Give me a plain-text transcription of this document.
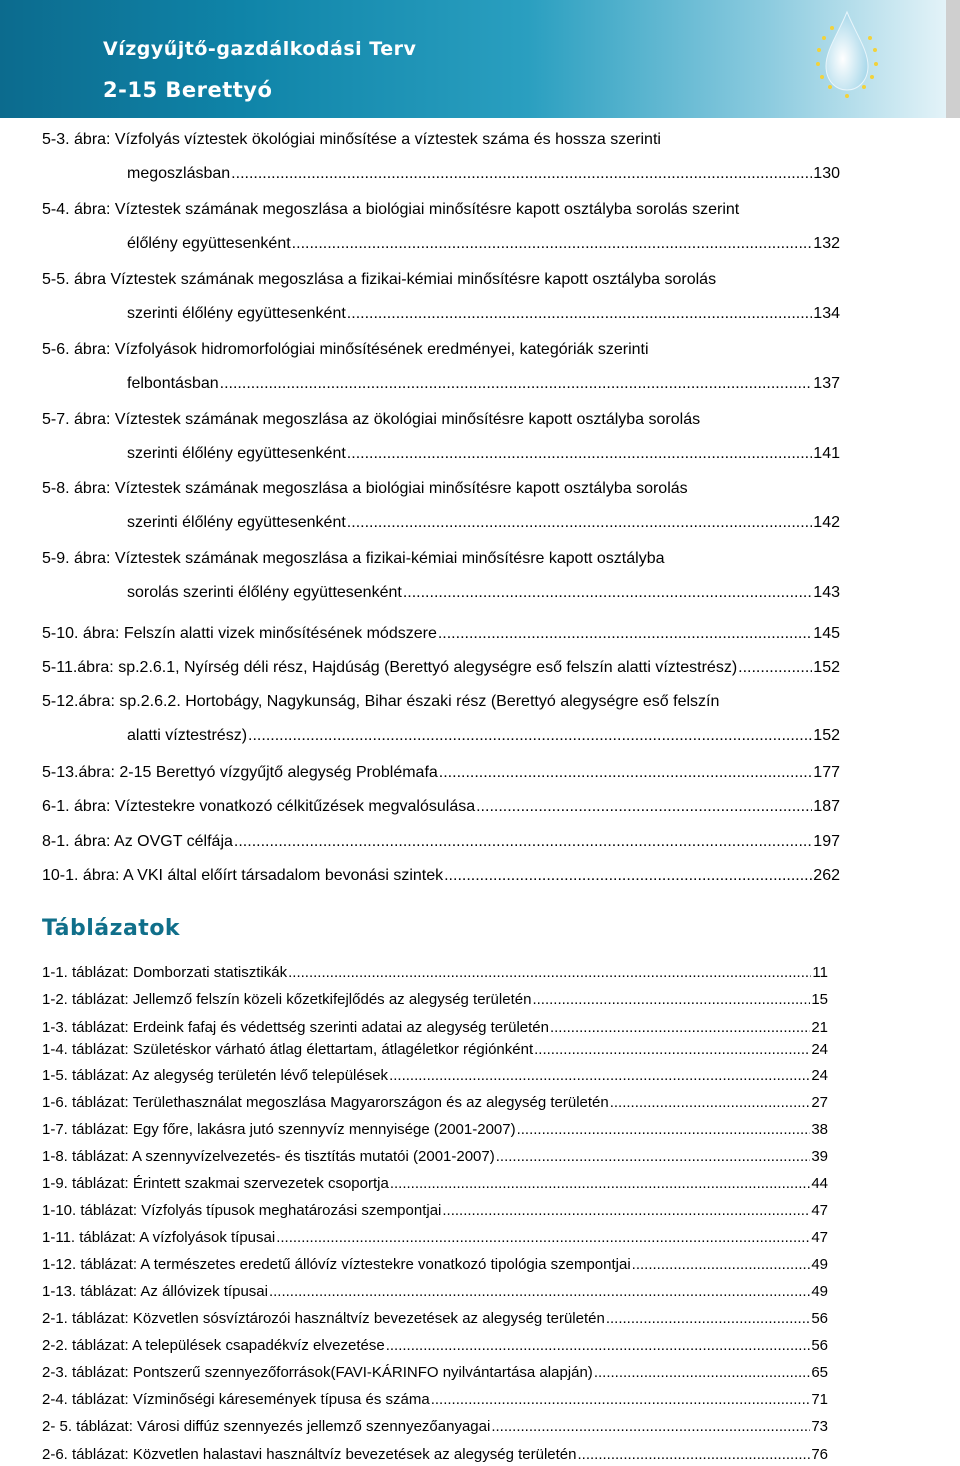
Vízgyűjtő-gazdálkodási Terv
2-15 Berettyó
5-3. ábra: Vízfolyás víztestek ökológiai minősítése a víztestek száma és hossza szerinti
megoszlásban .....	130
5-4. ábra: Víztestek számának megoszlása a biológiai minősítésre kapott osztályba sorolás szerint
élőlény együttesenként .....	132
5-5. ábra Víztestek számának megoszlása a fizikai-kémiai minősítésre kapott osztályba sorolás
szerinti élőlény együttesenként .....	134
5-6. ábra: Vízfolyások hidromorfológiai minősítésének eredményei, kategóriák szerinti
felbontásban .....	137
5-7. ábra: Víztestek számának megoszlása az ökológiai minősítésre kapott osztályba sorolás
szerinti élőlény együttesenként .....	141
5-8. ábra: Víztestek számának megoszlása a biológiai minősítésre kapott osztályba sorolás
szerinti élőlény együttesenként .....	142
5-9. ábra: Víztestek számának megoszlása a fizikai-kémiai minősítésre kapott osztályba
sorolás szerinti élőlény együttesenként .....	143
5-10. ábra: Felszín alatti vizek minősítésének módszere .....	145
5-11.ábra: sp.2.6.1, Nyírség déli rész, Hajdúság (Berettyó alegységre eső felszín alatti víztestrész) .....	152
5-12.ábra: sp.2.6.2. Hortobágy, Nagykunság, Bihar északi rész (Berettyó alegységre eső felszín
alatti víztestrész) .....	152
5-13.ábra: 2-15 Berettyó vízgyűjtő alegység Problémafa .....	177
6-1. ábra: Víztestekre vonatkozó célkitűzések megvalósulása .....	187
8-1. ábra: Az OVGT célfája .....	197
10-1. ábra: A VKI által előírt társadalom bevonási szintek .....	262
Táblázatok
1-1. táblázat: Domborzati statisztikák .....	11
1-2. táblázat: Jellemző felszín közeli kőzetkifejlődés az alegység területén .....	15
1-3. táblázat: Erdeink fafaj és védettség szerinti adatai az alegység területén .....	21
1-4. táblázat: Születéskor várható átlag élettartam, átlagéletkor régiónként .....	24
1-5. táblázat: Az alegység területén lévő települések .....	24
1-6. táblázat: Területhasználat megoszlása Magyarországon és az alegység területén .....	27
1-7. táblázat: Egy főre, lakásra jutó szennyvíz mennyisége (2001-2007) .....	38
1-8. táblázat: A szennyvízelvezetés- és tisztítás mutatói (2001-2007) .....	39
1-9. táblázat: Érintett szakmai szervezetek csoportja .....	44
1-10. táblázat: Vízfolyás típusok meghatározási szempontjai .....	47
1-11. táblázat: A vízfolyások típusai .....	47
1-12. táblázat: A természetes eredetű állóvíz víztestekre vonatkozó tipológia szempontjai .....	49
1-13. táblázat: Az állóvizek típusai .....	49
2-1. táblázat: Közvetlen sósvíztározói használtvíz bevezetések az alegység területén .....	56
2-2. táblázat: A települések csapadékvíz elvezetése .....	56
2-3. táblázat: Pontszerű szennyezőforrások(FAVI-KÁRINFO nyilvántartása alapján) .....	65
2-4. táblázat: Vízminőségi káresemények típusa és száma .....	71
2- 5. táblázat: Városi diffúz szennyezés jellemző szennyezőanyagai .....	73
2-6. táblázat: Közvetlen halastavi használtvíz bevezetések az alegység területén .....	76
